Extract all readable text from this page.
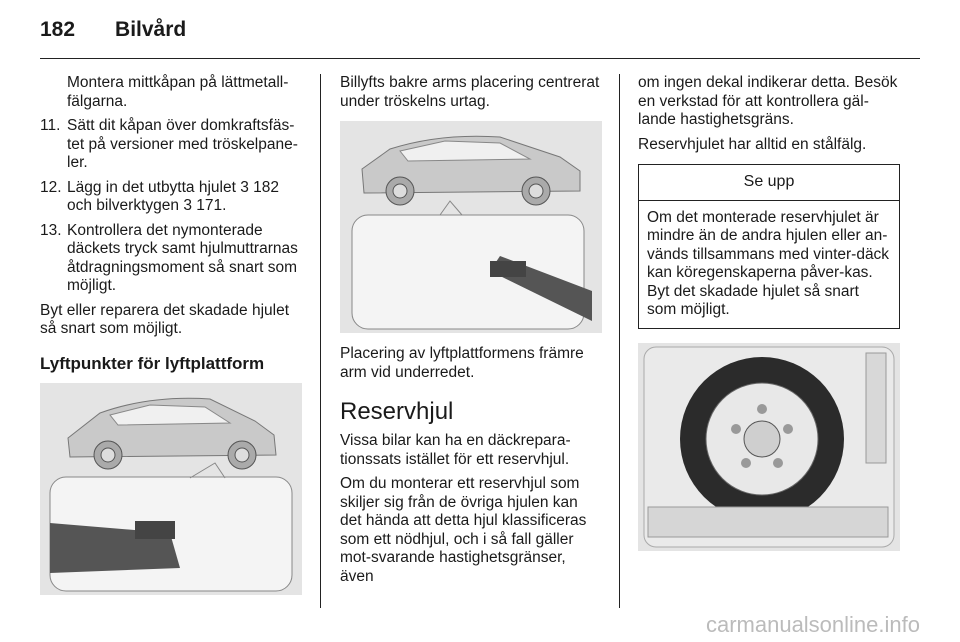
182 Bilvård
Montera mittkåpan på lättmetall-fälgarna.
11. Sätt dit kåpan över domkraftsfäs-tet på versioner med tröskelpane-ler.
12. Lägg in det utbytta hjulet 3 182 och bilverktygen 3 171.
13. Kontrollera det nymonterade däckets tryck samt hjulmuttrarnas åtdragningsmoment så snart som möjligt.

Byt eller reparera det skadade hjulet så snart som möjligt.

Lyftpunkter för lyftplattform

Billyfts bakre arms placering centrerat under tröskelns urtag.

Placering av lyftplattformens främre arm vid underredet.

Reservhjul

Vissa bilar kan ha en däckrepara-tionssats istället för ett reservhjul.

Om du monterar ett reservhjul som skiljer sig från de övriga hjulen kan det hända att detta hjul klassificeras som ett nödhjul, och i så fall gäller mot-svarande hastighetsgränser, även

om ingen dekal indikerar detta. Besök en verkstad för att kontrollera gäl-lande hastighetsgräns.

Reservhjulet har alltid en stålfälg.

Se upp
Om det monterade reservhjulet är mindre än de andra hjulen eller an-vänds tillsammans med vinter-däck kan köregenskaperna påver-kas. Byt det skadade hjulet så snart som möjligt.
carmanualsonline.info
